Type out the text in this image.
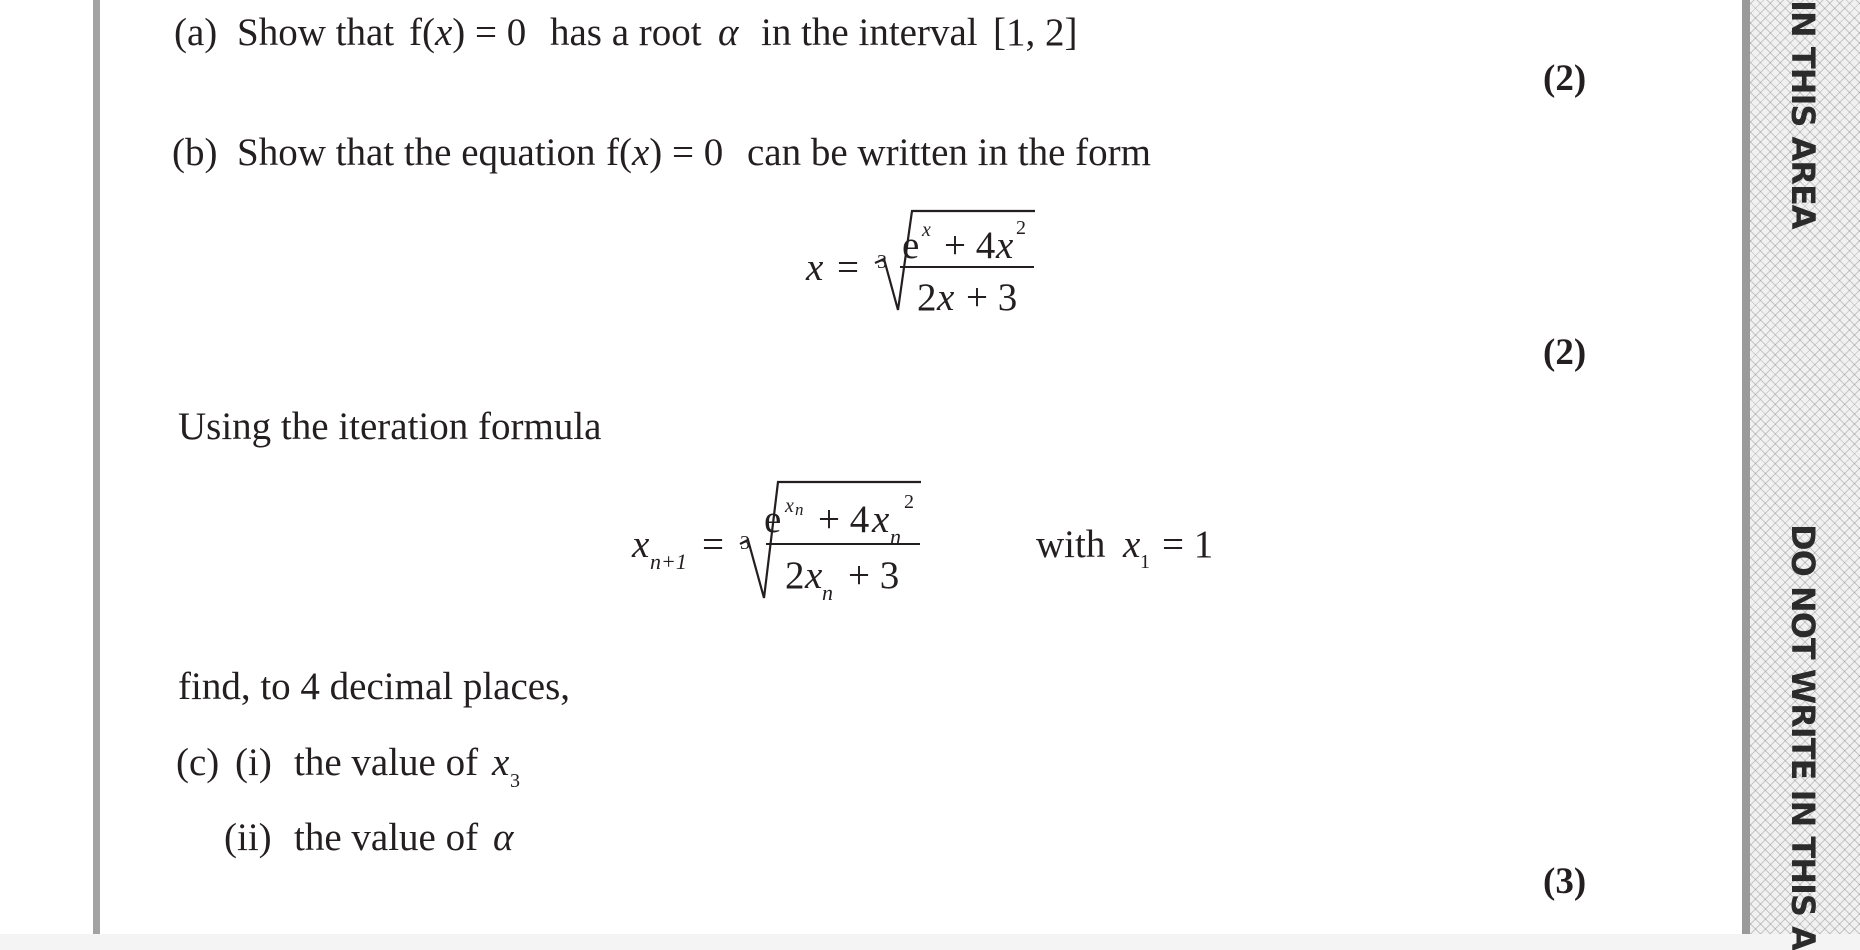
IN THIS AREA
DO NOT WRITE IN THIS A
(a) Show that f(x) = 0 has a root α in the interval [1, 2]
(2)
(b) Show that the equation f(x) = 0 can be written in the form
x = 3 e x + 4 x 2
2 x + 3
(2)
Using the iteration formula
x n+1 = 3
e x n + 4 x n
2
2 x n + 3
with x 1 = 1
find, to 4 decimal places,
(c) (i) the value of x 3
(ii) the value of α
(3)
